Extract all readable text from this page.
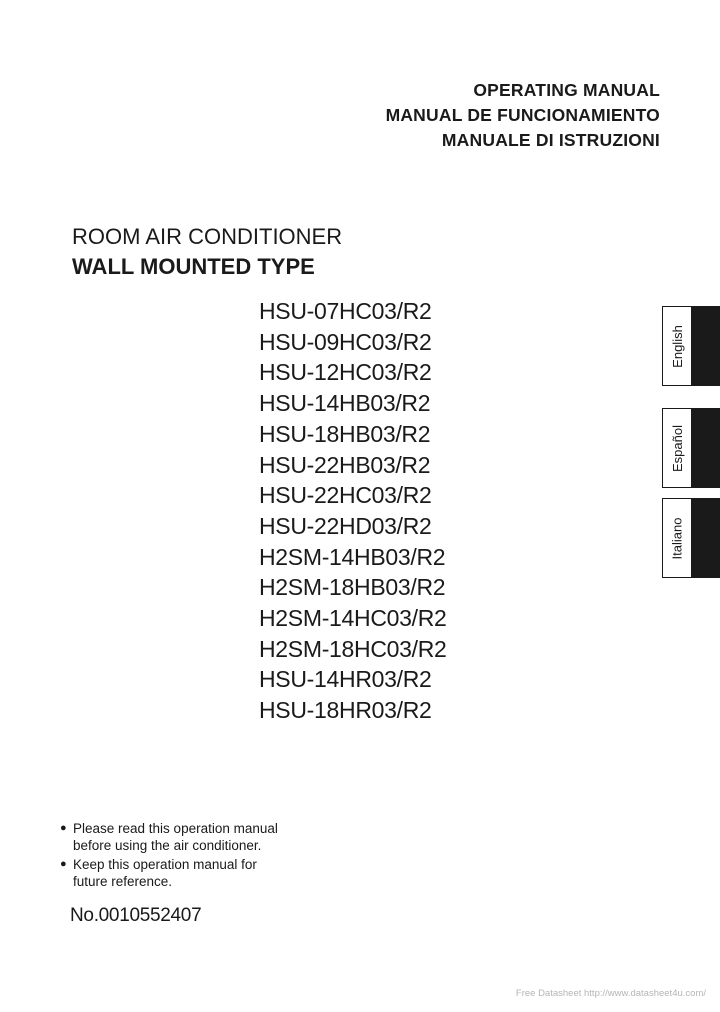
OPERATING MANUAL
MANUAL DE FUNCIONAMIENTO
MANUALE DI ISTRUZIONI
ROOM AIR CONDITIONER
WALL MOUNTED TYPE
HSU-07HC03/R2
HSU-09HC03/R2
HSU-12HC03/R2
HSU-14HB03/R2
HSU-18HB03/R2
HSU-22HB03/R2
HSU-22HC03/R2
HSU-22HD03/R2
H2SM-14HB03/R2
H2SM-18HB03/R2
H2SM-14HC03/R2
H2SM-18HC03/R2
HSU-14HR03/R2
HSU-18HR03/R2
English
Español
Italiano
● Please read this operation manual
before using the air conditioner.
● Keep this operation manual for
future reference.
No.0010552407
Free Datasheet http://www.datasheet4u.com/
